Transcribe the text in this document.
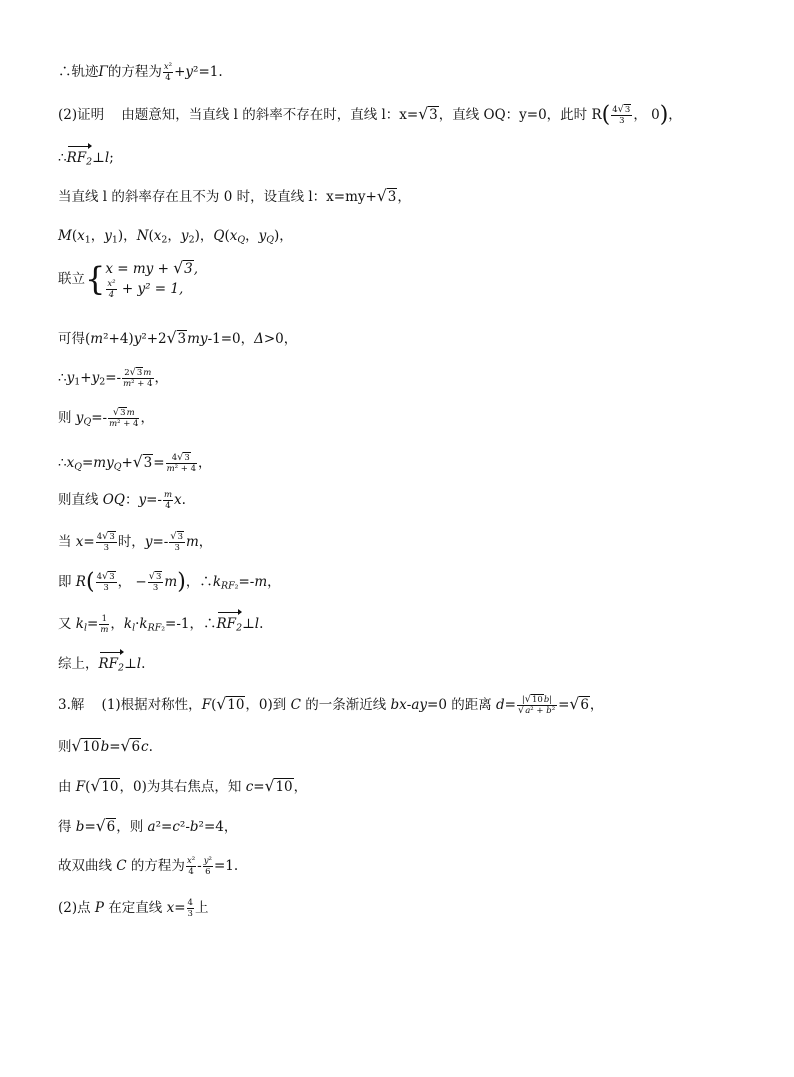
∴轨迹Γ的方程为 $\frac{\text{x²}}{4} +y^2=1$.
(2)证明 由题意知，当直线 l 的斜率不存在时，直线 l：x=√3，直线 OQ：y=0，此时 $R( \frac{4√3}{3}$ ， 0)，
$\therefore RF_2\perp l$;
当直线 l 的斜率存在且不为 0 时，设直线 l：x=my+√3，
$M(x_1$，$y_1$)，$N(x_2$，$y_2$)，$Q(x_Q$，$y_Q$)，
联立{ x = my + √3,
$\frac{\text{x²}}{4} + y^2 = 1$,
可得(m²+4)y²+2√3my-1=0，Δ>0，
$\therefore y_1+y_2=- \frac{2√3m}{\text{m² + 4}}$ ，
则 $y_Q=- \frac{√3m}{\text{m² + 4}}$ ，
$\therefore x_Q=my_Q+√3= \frac{4√3}{\text{m² + 4}}$ ，
则直线 OQ：$y=- \frac{m}{4} x$.
当 $x= \frac{4√3}{3}$ 时，$y=- \frac{√3}{3}$ m，
即 $R( \frac{4√3}{3}$ ， − $\frac{√3}{3} m$)，$\therefore k_{RF_2}=-m$，
又 $k_l= \frac{1}{m}$ ，$k_l\cdot k_{RF_2}=-1$，$\therefore RF_2\perp l$.
综上，$RF_2\perp l$.
3.解    (1)根据对称性，F(√10，0)到 C 的一条渐近线 bx-ay=0 的距离 $d= \frac{|√10b|}{\text{√a² + b²}} =√6$，
则√10b=√6c.
由 F(√10，0)为其右焦点，知 c=√10，
得 b=√6，则 a²=c²-b²=4，
故双曲线 C 的方程为 $\frac{\text{x²}}{4} - \frac{\text{y²}}{6} =1$.
(2)点 P 在定直线 $x= \frac{4}{3}$ 上
